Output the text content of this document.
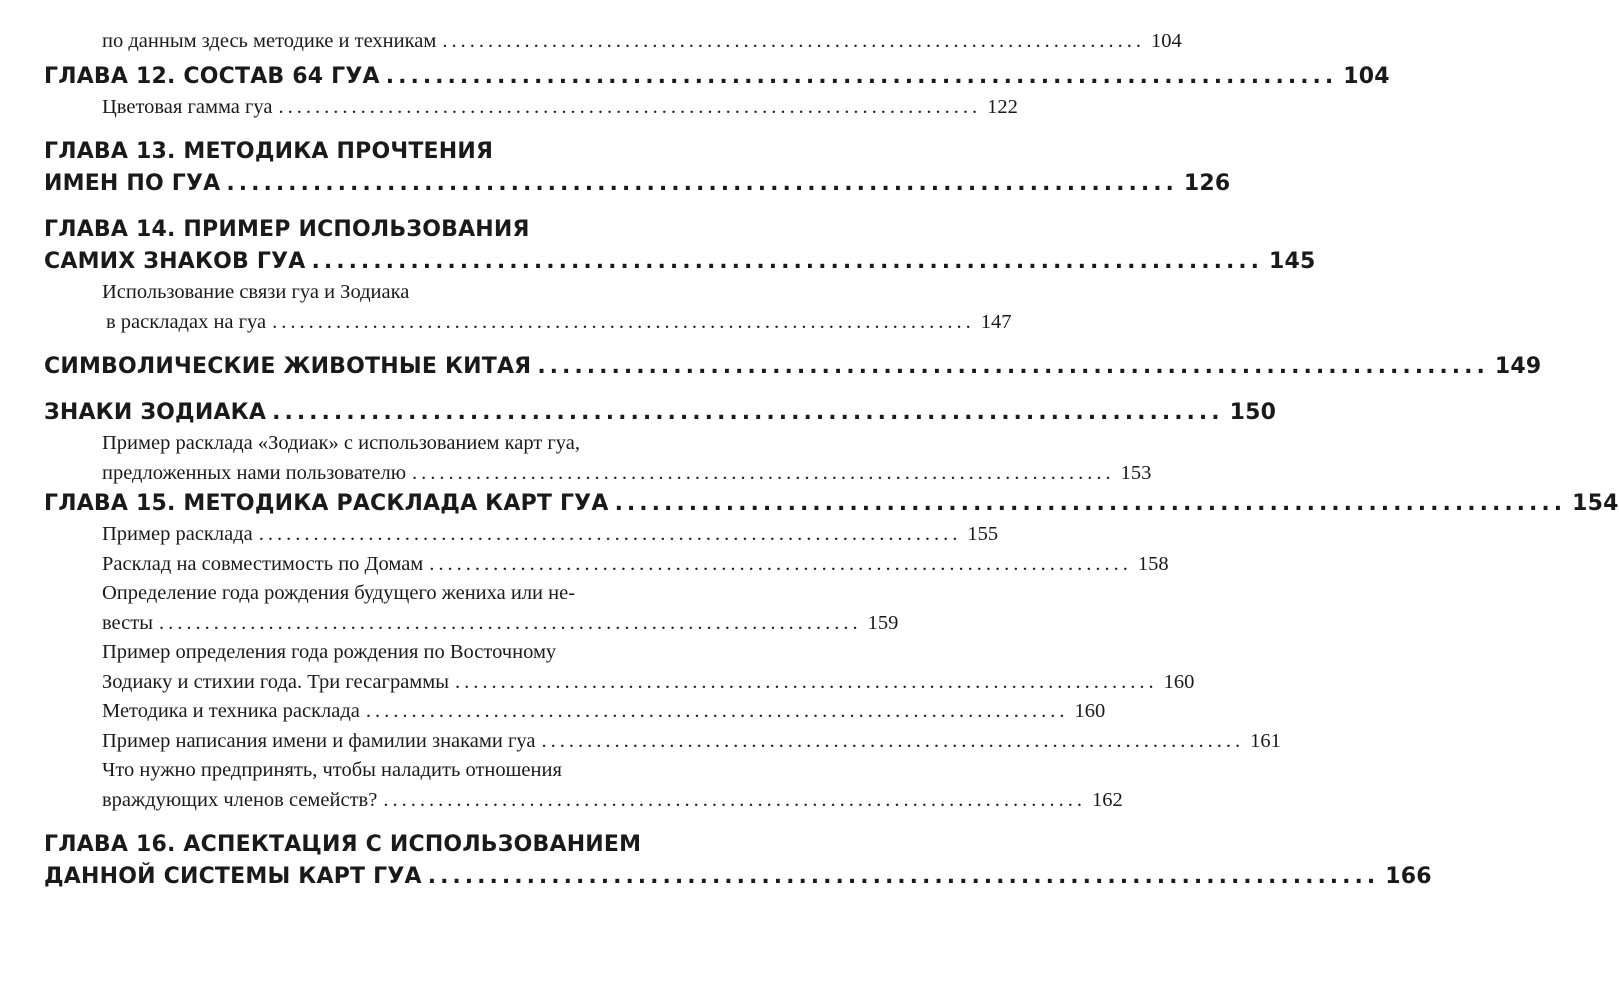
по данным здесь методике и техникам ............................................................................. 104
ГЛАВА 12. СОСТАВ 64 ГУА ............................................................................. 104
Цветовая гамма гуа ............................................................................. 122
ГЛАВА 13. МЕТОДИКА ПРОЧТЕНИЯ
ИМЕН ПО ГУА ............................................................................. 126
ГЛАВА 14. ПРИМЕР ИСПОЛЬЗОВАНИЯ
САМИХ ЗНАКОВ ГУА ............................................................................. 145
Использование связи гуа и Зодиака
в раскладах на гуа ............................................................................. 147
СИМВОЛИЧЕСКИЕ ЖИВОТНЫЕ КИТАЯ ............................................................................. 149
ЗНАКИ ЗОДИАКА ............................................................................. 150
Пример расклада «Зодиак» с использованием карт гуа,
предложенных нами пользователю ............................................................................. 153
ГЛАВА 15. МЕТОДИКА РАСКЛАДА КАРТ ГУА ............................................................................. 154
Пример расклада ............................................................................. 155
Расклад на совместимость по Домам ............................................................................. 158
Определение года рождения будущего жениха или не-
весты ............................................................................. 159
Пример определения года рождения по Восточному
Зодиаку и стихии года. Три гесаграммы ............................................................................. 160
Методика и техника расклада ............................................................................. 160
Пример написания имени и фамилии знаками гуа ............................................................................. 161
Что нужно предпринять, чтобы наладить отношения
враждующих членов семейств? ............................................................................. 162
ГЛАВА 16. АСПЕКТАЦИЯ С ИСПОЛЬЗОВАНИЕМ
ДАННОЙ СИСТЕМЫ КАРТ ГУА ............................................................................. 166
